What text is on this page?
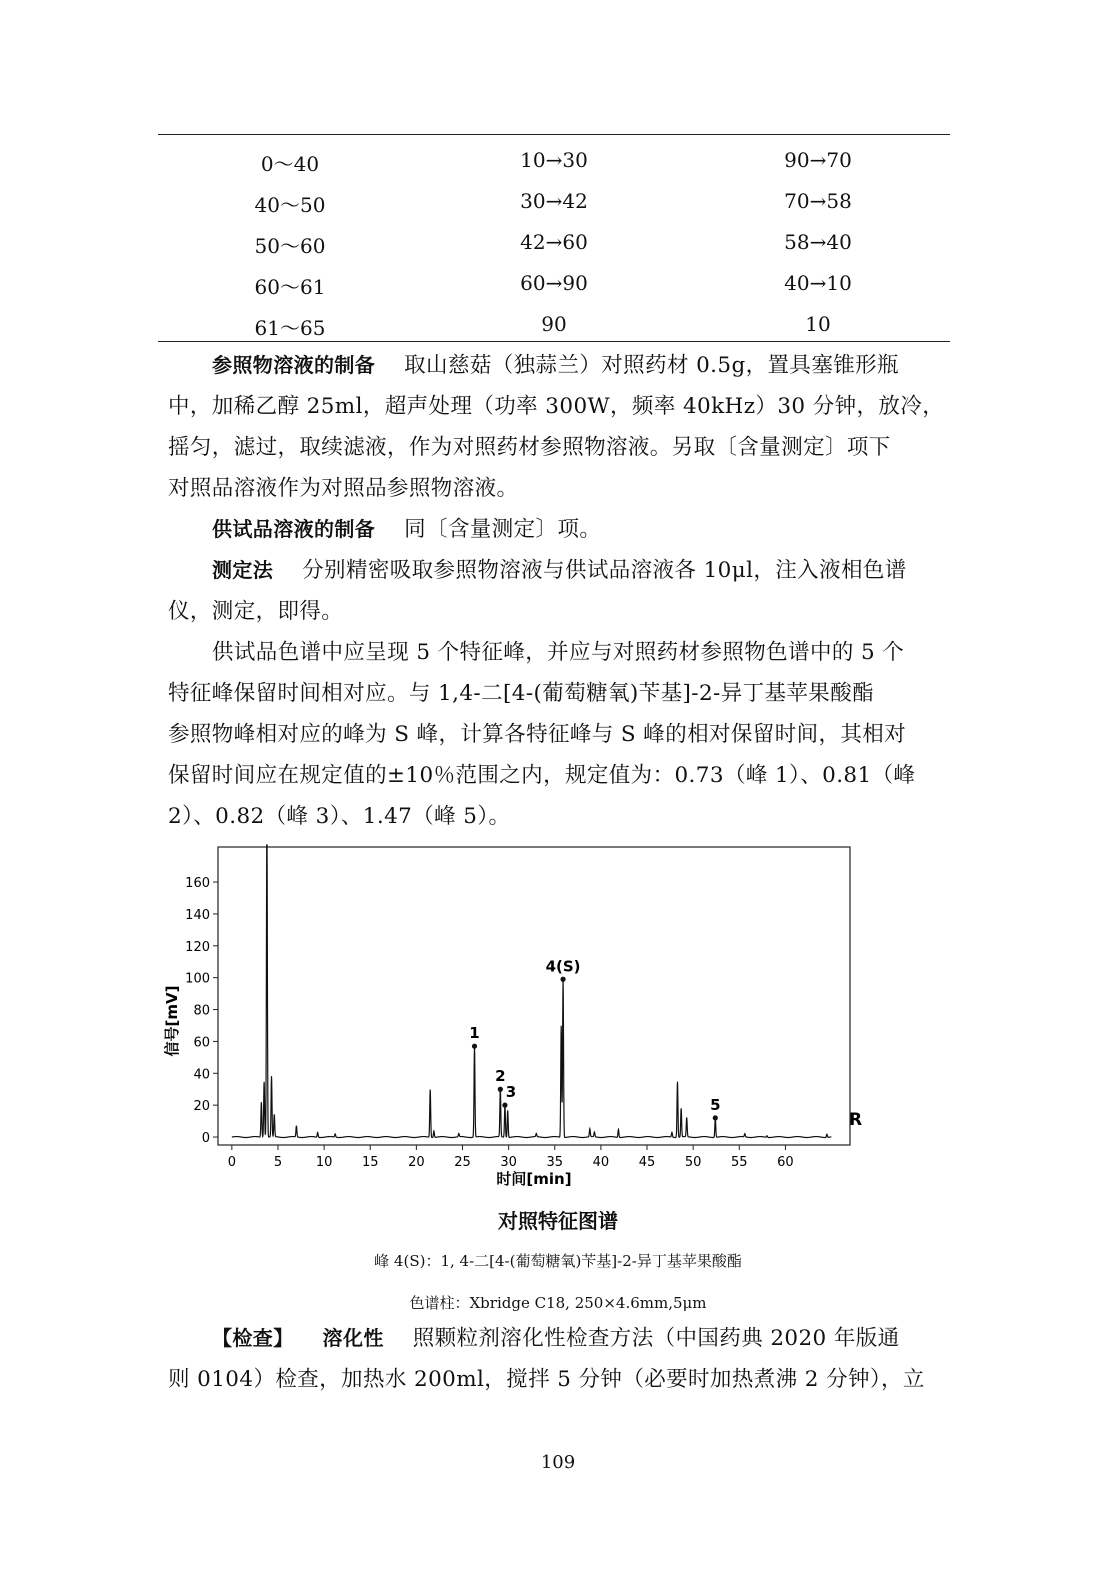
0～40	10→30	90→70
40～50	30→42	70→58
50～60	42→60	58→40
60～61	60→90	40→10
61～65	90	10
参照物溶液的制备 取山慈菇（独蒜兰）对照药材 0.5g，置具塞锥形瓶
中，加稀乙醇 25ml，超声处理（功率 300W，频率 40kHz）30 分钟，放冷，
摇匀，滤过，取续滤液，作为对照药材参照物溶液。另取〔含量测定〕项下
对照品溶液作为对照品参照物溶液。
供试品溶液的制备 同〔含量测定〕项。
测定法 分别精密吸取参照物溶液与供试品溶液各 10μl，注入液相色谱
仪，测定，即得。
供试品色谱中应呈现 5 个特征峰，并应与对照药材参照物色谱中的 5 个
特征峰保留时间相对应。与 1,4-二[4-(葡萄糖氧)苄基]-2-异丁基苹果酸酯
参照物峰相对应的峰为 S 峰，计算各特征峰与 S 峰的相对保留时间，其相对
保留时间应在规定值的±10％范围之内，规定值为：0.73（峰 1）、0.81（峰
2）、0.82（峰 3）、1.47（峰 5）。
0
20
40
60
80
100
120
140
160
0	5	10 15 20 25 30 35 40 45 50 55 60
1
2
3
4(S)
5
信号[mV]
时间[min]
R
对照特征图谱
峰 4(S)：1, 4-二[4-(葡萄糖氧)苄基]-2-异丁基苹果酸酯
色谱柱：Xbridge C18, 250×4.6mm,5μm
【检查】 溶化性 照颗粒剂溶化性检查方法（中国药典 2020 年版通
则 0104）检查，加热水 200ml，搅拌 5 分钟（必要时加热煮沸 2 分钟），立
109
